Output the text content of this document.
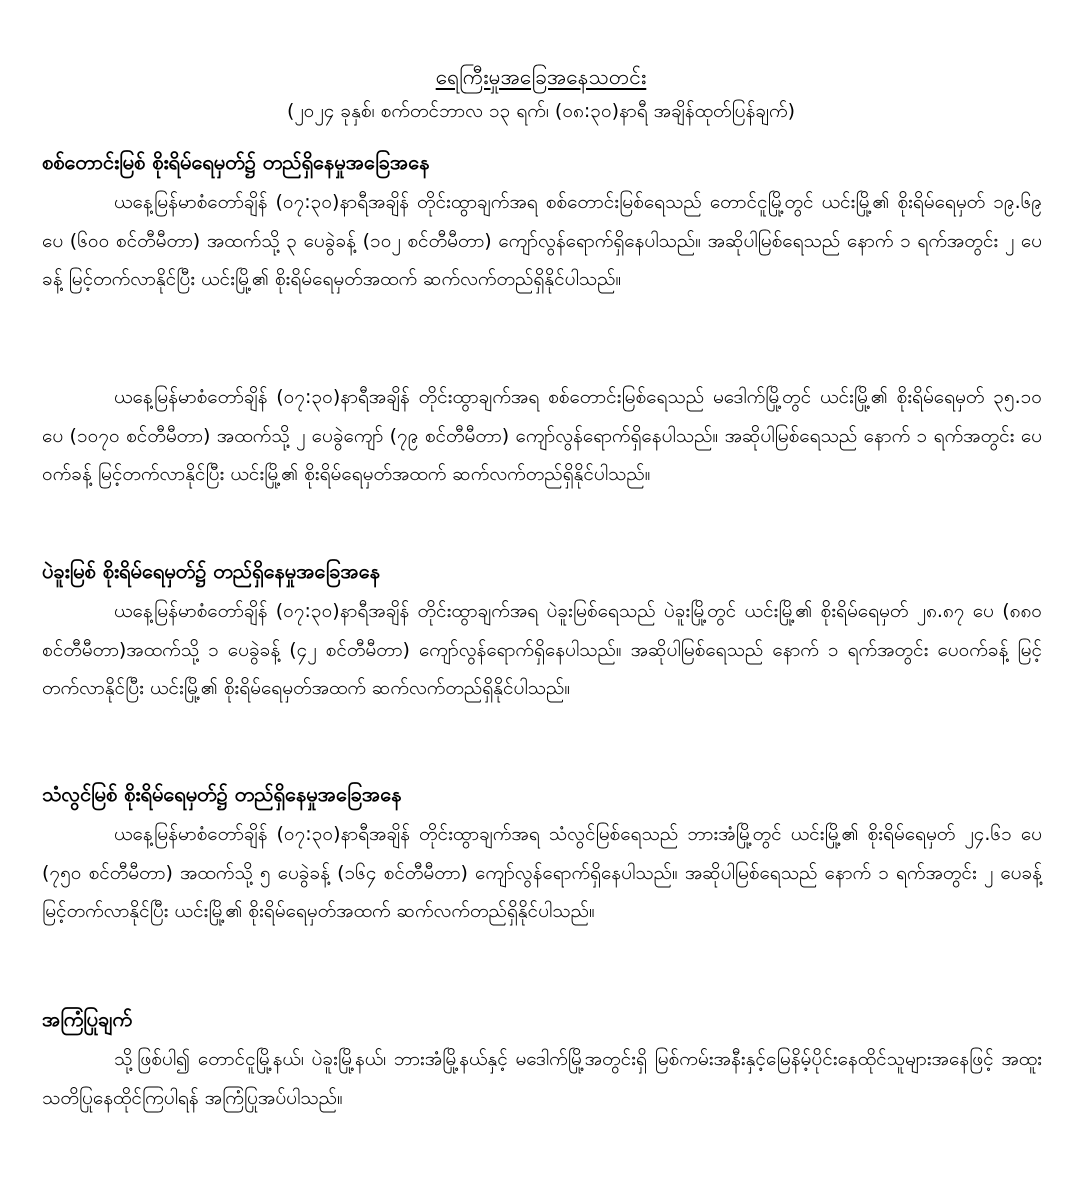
ရေကြီးမှုအခြေအနေသတင်း
(၂၀၂၄ ခုနှစ်၊ စက်တင်ဘာလ ၁၃ ရက်၊ (၀၈:၃၀)နာရီ အချိန်ထုတ်ပြန်ချက်)
စစ်တောင်းမြစ် စိုးရိမ်ရေမှတ်၌ တည်ရှိနေမှုအခြေအနေ
ယနေ့မြန်မာစံတော်ချိန် (၀၇:၃၀)နာရီအချိန် တိုင်းထွာချက်အရ စစ်တောင်းမြစ်ရေသည် တောင်ငူမြို့တွင် ယင်းမြို့၏ စိုးရိမ်ရေမှတ် ၁၉.၆၉ ပေ (၆၀၀ စင်တီမီတာ) အထက်သို့ ၃ ပေခွဲခန့် (၁၀၂ စင်တီမီတာ) ကျော်လွန်ရောက်ရှိနေပါသည်။ အဆိုပါမြစ်ရေသည် နောက် ၁ ရက်အတွင်း ၂ ပေခန့် မြင့်တက်လာနိုင်ပြီး ယင်းမြို့၏ စိုးရိမ်ရေမှတ်အထက် ဆက်လက်တည်ရှိနိုင်ပါသည်။
ယနေ့မြန်မာစံတော်ချိန် (၀၇:၃၀)နာရီအချိန် တိုင်းထွာချက်အရ စစ်တောင်းမြစ်ရေသည် မဒေါက်မြို့တွင် ယင်းမြို့၏ စိုးရိမ်ရေမှတ် ၃၅.၁၀ ပေ (၁၀၇၀ စင်တီမီတာ) အထက်သို့ ၂ ပေခွဲကျော် (၇၉ စင်တီမီတာ) ကျော်လွန်ရောက်ရှိနေပါသည်။ အဆိုပါမြစ်ရေသည် နောက် ၁ ရက်အတွင်း ပေဝက်ခန့် မြင့်တက်လာနိုင်ပြီး ယင်းမြို့၏ စိုးရိမ်ရေမှတ်အထက် ဆက်လက်တည်ရှိနိုင်ပါသည်။
ပဲခူးမြစ် စိုးရိမ်ရေမှတ်၌ တည်ရှိနေမှုအခြေအနေ
ယနေ့မြန်မာစံတော်ချိန် (၀၇:၃၀)နာရီအချိန် တိုင်းထွာချက်အရ ပဲခူးမြစ်ရေသည် ပဲခူးမြို့တွင် ယင်းမြို့၏ စိုးရိမ်ရေမှတ် ၂၈.၈၇ ပေ (၈၈၀ စင်တီမီတာ)အထက်သို့ ၁ ပေခွဲခန့် (၄၂ စင်တီမီတာ) ကျော်လွန်ရောက်ရှိနေပါသည်။ အဆိုပါမြစ်ရေသည် နောက် ၁ ရက်အတွင်း ပေဝက်ခန့် မြင့်တက်လာနိုင်ပြီး ယင်းမြို့၏ စိုးရိမ်ရေမှတ်အထက် ဆက်လက်တည်ရှိနိုင်ပါသည်။
သံလွင်မြစ် စိုးရိမ်ရေမှတ်၌ တည်ရှိနေမှုအခြေအနေ
ယနေ့မြန်မာစံတော်ချိန် (၀၇:၃၀)နာရီအချိန် တိုင်းထွာချက်အရ သံလွင်မြစ်ရေသည် ဘားအံမြို့တွင် ယင်းမြို့၏ စိုးရိမ်ရေမှတ် ၂၄.၆၁ ပေ (၇၅၀ စင်တီမီတာ) အထက်သို့ ၅ ပေခွဲခန့် (၁၆၄ စင်တီမီတာ) ကျော်လွန်ရောက်ရှိနေပါသည်။ အဆိုပါမြစ်ရေသည် နောက် ၁ ရက်အတွင်း ၂ ပေခန့် မြင့်တက်လာနိုင်ပြီး ယင်းမြို့၏ စိုးရိမ်ရေမှတ်အထက် ဆက်လက်တည်ရှိနိုင်ပါသည်။
အကြံပြုချက်
သို့ဖြစ်ပါ၍ တောင်ငူမြို့နယ်၊ ပဲခူးမြို့နယ်၊ ဘားအံမြို့နယ်နှင့် မဒေါက်မြို့အတွင်းရှိ မြစ်ကမ်းအနီးနှင့်မြေနိမ့်ပိုင်းနေထိုင်သူများအနေဖြင့် အထူးသတိပြုနေထိုင်ကြပါရန် အကြံပြုအပ်ပါသည်။
